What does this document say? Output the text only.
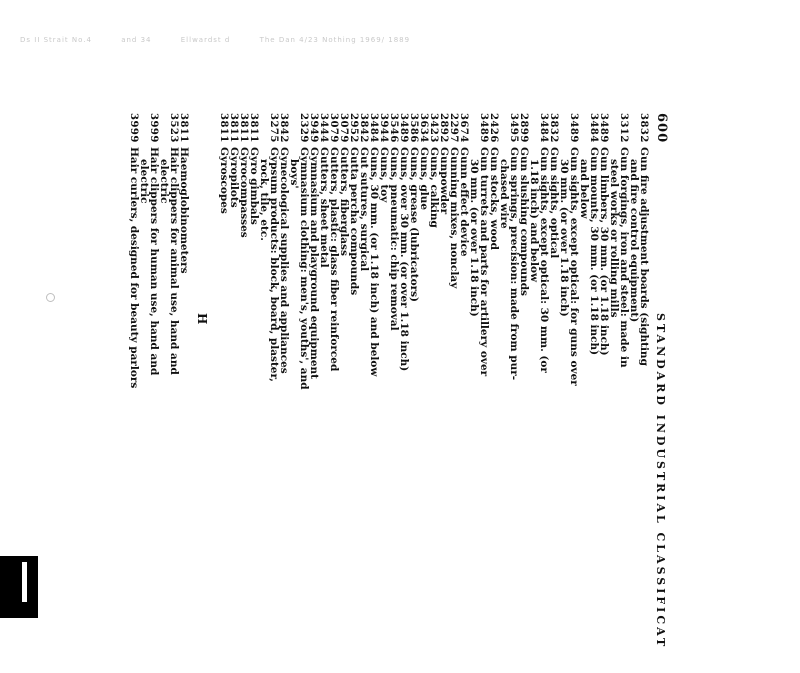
Ds II Strait No.4	and 34	Ellwardst d	The Dan 4/23 Nothing 1969/ 1889
600
STANDARD INDUSTRIAL CLASSIFICAT
3832Gun fire adjustment boards (sighting
and fire control equipment)
3312Gun forgings, iron and steel: made in
steel works or rolling mills
3489Gun limbers, 30 mm. (or 1.18 inch)
3484Gun mounts, 30 mm. (or 1.18 inch)
and below
3489Gun sights, except optical: for guns over
30 mm. (or over 1.18 inch)
3832Gun sights, optical
3484Gun sights, except optical: 30 mm. (or
1.18 inch) and below
2899Gun slushing compounds
3495Gun springs, precision: made from pur-
chased wire
2426Gun stocks, wood
3489Gun turrets and parts for artillery over
30 mm. (or over 1.18 inch)
3674Gunn effect device
2297Gunning mixes, nonclay
2892Gunpowder
3423Guns, calking
3634Guns, glue
3586Guns, grease (lubricators)
3489Guns, over 30 mm. (or over 1.18 inch)
3546Guns, pneumatic: chip removal
3944Guns, toy
3484Guns, 30 mm. (or 1.18 inch) and below
3842Gut sutures, surgical
2952Gutta percha compounds
3079Gutters, fiberglass
3079Gutters, plastic: glass fiber reinforced
3444Gutters, sheet metal
3949Gymnasium and playground equipment
2329Gymnasium clothing: men's, youths', and
boys'
3842Gynecological supplies and appliances
3275Gypsum products: block, board, plaster,
rock, tile, etc.
3811Gyro gimbals
3811Gyrocompasses
3811Gyropilots
3811Gyroscopes
H
3811Haemoglobinometers
3523Hair clippers for animal use, hand and
electric
3999Hair clippers for human use, hand and
electric
3999Hair curlers, designed for beauty parlors
